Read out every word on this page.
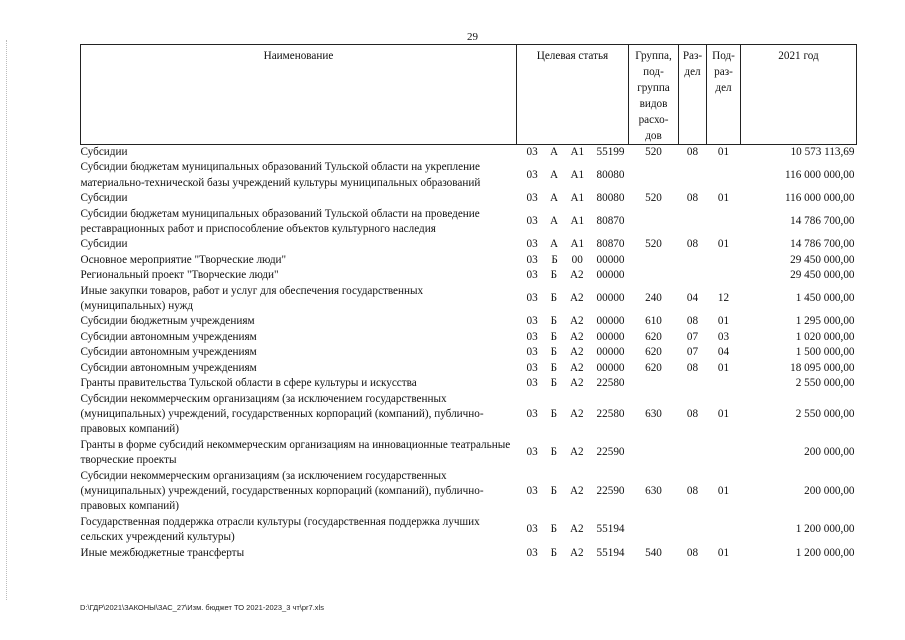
29
Наименование	Целевая статья	Группа, под- группа видов расхо- дов	Раз- дел	Под- раз- дел	2021 год
Субсидии	03 А А1 55199	520	08	01	10 573 113,69
Субсидии бюджетам муниципальных образований Тульской области на укрепление материально-технической базы учреждений культуры муниципальных образований	03 А А1 80080				116 000 000,00
Субсидии	03 А А1 80080	520	08	01	116 000 000,00
Субсидии бюджетам муниципальных образований Тульской области на проведение реставрационных работ и приспособление объектов культурного наследия	03 А А1 80870				14 786 700,00
Субсидии	03 А А1 80870	520	08	01	14 786 700,00
Основное мероприятие "Творческие люди"	03 Б 00 00000				29 450 000,00
Региональный проект "Творческие люди"	03 Б А2 00000				29 450 000,00
Иные закупки товаров, работ и услуг для обеспечения государственных (муниципальных) нужд	03 Б А2 00000	240	04	12	1 450 000,00
Субсидии бюджетным учреждениям	03 Б А2 00000	610	08	01	1 295 000,00
Субсидии автономным учреждениям	03 Б А2 00000	620	07	03	1 020 000,00
Субсидии автономным учреждениям	03 Б А2 00000	620	07	04	1 500 000,00
Субсидии автономным учреждениям	03 Б А2 00000	620	08	01	18 095 000,00
Гранты правительства Тульской области в сфере культуры и искусства	03 Б А2 22580				2 550 000,00
Субсидии некоммерческим организациям (за исключением государственных (муниципальных) учреждений, государственных корпораций (компаний), публично-правовых компаний)	03 Б А2 22580	630	08	01	2 550 000,00
Гранты в форме субсидий некоммерческим организациям на инновационные театральные творческие проекты	03 Б А2 22590				200 000,00
Субсидии некоммерческим организациям (за исключением государственных (муниципальных) учреждений, государственных корпораций (компаний), публично-правовых компаний)	03 Б А2 22590	630	08	01	200 000,00
Государственная поддержка отрасли культуры (государственная поддержка лучших сельских учреждений культуры)	03 Б А2 55194				1 200 000,00
Иные межбюджетные трансферты	03 Б А2 55194	540	08	01	1 200 000,00
D:\ГДР\2021\ЗАКОНЫ\ЗАС_27\Изм. бюджет ТО 2021-2023_3 чт\pr7.xls
